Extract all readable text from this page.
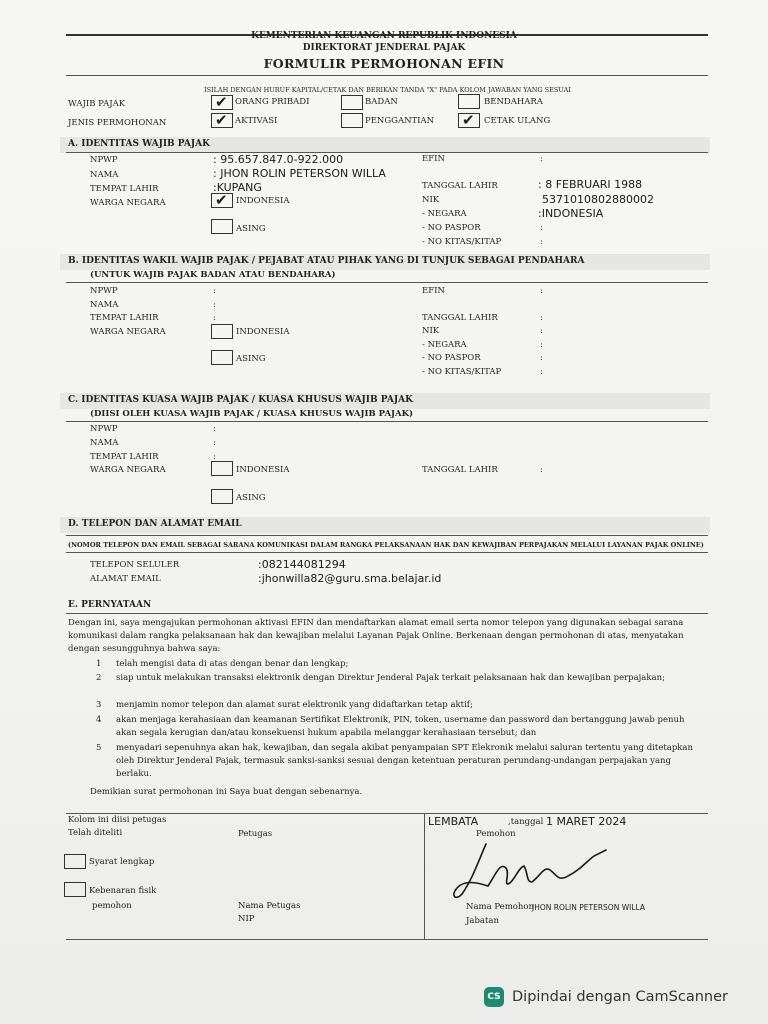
KEMENTERIAN KEUANGAN REPUBLIK INDONESIA
DIREKTORAT JENDERAL PAJAK
FORMULIR PERMOHONAN EFIN
ISILAH DENGAN HURUF KAPITAL/CETAK DAN BERIKAN TANDA "X" PADA KOLOM JAWABAN YANG SESUAI
WAJIB PAJAK	✔ ORANG PRIBADI	BADAN	BENDAHARA
JENIS PERMOHONAN	✔ AKTIVASI	PENGGANTIAN ✔ CETAK ULANG
A. IDENTITAS WAJIB PAJAK
NPWP	: 95.657.847.0-922.000
NAMA	: JHON ROLIN PETERSON WILLA
TEMPAT LAHIR	:KUPANG
WARGA NEGARA	✔ INDONESIA
ASING
EFIN	:
TANGGAL LAHIR	: 8 FEBRUARI 1988
NIK	5371010802880002
- NEGARA	:INDONESIA
- NO PASPOR	:
- NO KITAS/KITAP	:
B. IDENTITAS WAKIL WAJIB PAJAK / PEJABAT ATAU PIHAK YANG DI TUNJUK SEBAGAI PENDAHARA
(UNTUK WAJIB PAJAK BADAN ATAU BENDAHARA)
NPWP	:
NAMA	:
TEMPAT LAHIR	:
WARGA NEGARA	INDONESIA
ASING
EFIN	:
TANGGAL LAHIR	:
NIK	:
- NEGARA	:
- NO PASPOR	:
- NO KITAS/KITAP	:
C. IDENTITAS KUASA WAJIB PAJAK / KUASA KHUSUS WAJIB PAJAK
(DIISI OLEH KUASA WAJIB PAJAK / KUASA KHUSUS WAJIB PAJAK)
NPWP	:
NAMA	:
TEMPAT LAHIR	:
WARGA NEGARA	INDONESIA
ASING
TANGGAL LAHIR	:
D. TELEPON DAN ALAMAT EMAIL
(NOMOR TELEPON DAN EMAIL SEBAGAI SARANA KOMUNIKASI DALAM RANGKA PELAKSANAAN HAK DAN KEWAJIBAN PERPAJAKAN MELALUI LAYANAN PAJAK ONLINE)
TELEPON SELULER	:082144081294
ALAMAT EMAIL	:jhonwilla82@guru.sma.belajar.id
E. PERNYATAAN
Dengan ini, saya mengajukan permohonan aktivasi EFIN dan mendaftarkan alamat email serta nomor telepon yang digunakan sebagai sarana komunikasi dalam rangka pelaksanaan hak dan kewajiban melalui Layanan Pajak Online. Berkenaan dengan permohonan di atas, menyatakan dengan sesungguhnya bahwa saya:
1 telah mengisi data di atas dengan benar dan lengkap;
2 siap untuk melakukan transaksi elektronik dengan Direktur Jenderal Pajak terkait pelaksanaan hak dan kewajiban perpajakan;
3 menjamin nomor telepon dan alamat surat elektronik yang didaftarkan tetap aktif;
4 akan menjaga kerahasiaan dan keamanan Sertifikat Elektronik, PIN, token, username dan password dan bertanggung jawab penuh akan segala kerugian dan/atau konsekuensi hukum apabila melanggar kerahasiaan tersebut; dan
5 menyadari sepenuhnya akan hak, kewajiban, dan segala akibat penyampaian SPT Elekronik melalui saluran tertentu yang ditetapkan oleh Direktur Jenderal Pajak, termasuk sanksi-sanksi sesuai dengan ketentuan peraturan perundang-undangan perpajakan yang berlaku.
Demikian surat permohonan ini Saya buat dengan sebenarnya.
Kolom ini diisi petugas
Telah diteliti	Petugas
Syarat lengkap
Kebenaran fisik
pemohon	Nama Petugas
NIP
LEMBATA	,tanggal 1 MARET 2024
Pemohon
Nama Pemohon
JHON ROLIN PETERSON WILLA
Jabatan
CS Dipindai dengan CamScanner
